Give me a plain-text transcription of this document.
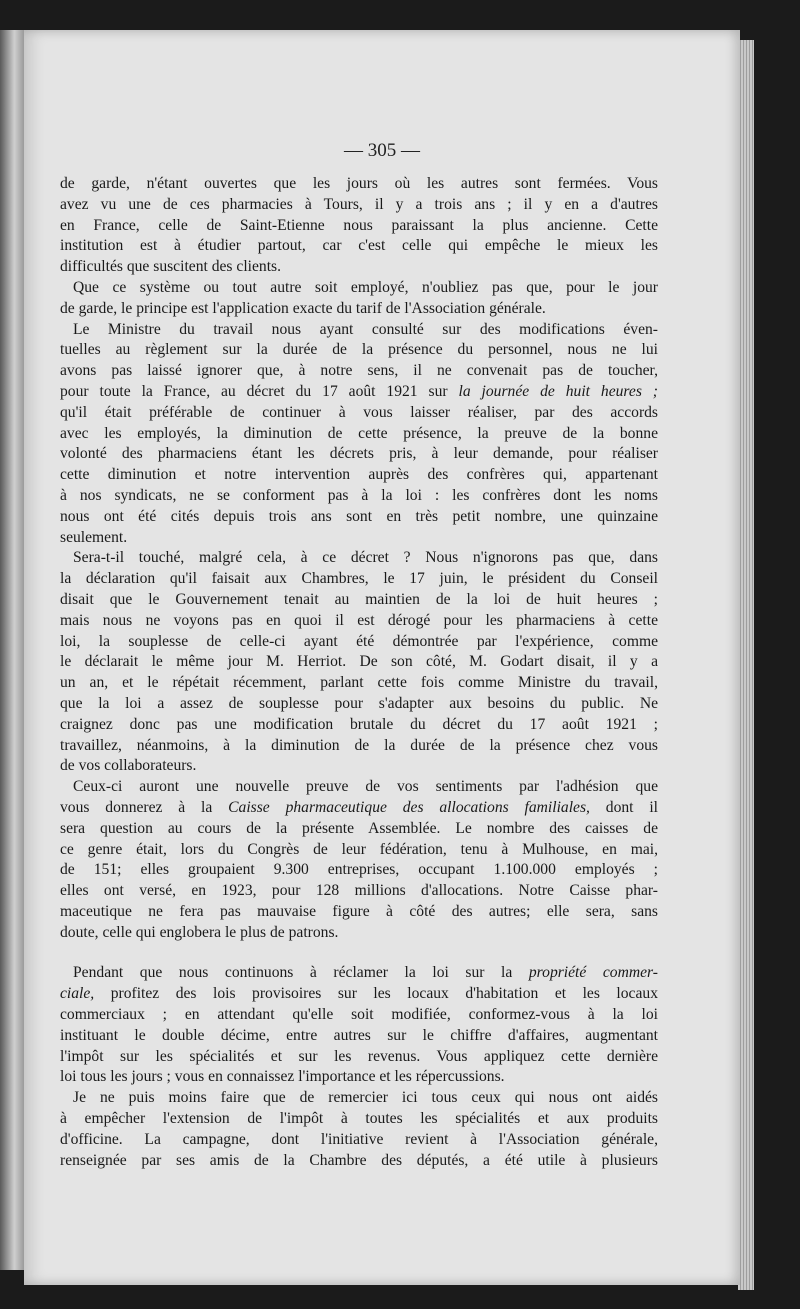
— 305 —
de garde, n'étant ouvertes que les jours où les autres sont fermées. Vous
avez vu une de ces pharmacies à Tours, il y a trois ans ; il y en a d'autres
en France, celle de Saint-Etienne nous paraissant la plus ancienne. Cette
institution est à étudier partout, car c'est celle qui empêche le mieux les
difficultés que suscitent des clients.
Que ce système ou tout autre soit employé, n'oubliez pas que, pour le jour
de garde, le principe est l'application exacte du tarif de l'Association générale.
Le Ministre du travail nous ayant consulté sur des modifications éven-
tuelles au règlement sur la durée de la présence du personnel, nous ne lui
avons pas laissé ignorer que, à notre sens, il ne convenait pas de toucher,
pour toute la France, au décret du 17 août 1921 sur la journée de huit heures ;
qu'il était préférable de continuer à vous laisser réaliser, par des accords
avec les employés, la diminution de cette présence, la preuve de la bonne
volonté des pharmaciens étant les décrets pris, à leur demande, pour réaliser
cette diminution et notre intervention auprès des confrères qui, appartenant
à nos syndicats, ne se conforment pas à la loi : les confrères dont les noms
nous ont été cités depuis trois ans sont en très petit nombre, une quinzaine
seulement.
Sera-t-il touché, malgré cela, à ce décret ? Nous n'ignorons pas que, dans
la déclaration qu'il faisait aux Chambres, le 17 juin, le président du Conseil
disait que le Gouvernement tenait au maintien de la loi de huit heures ;
mais nous ne voyons pas en quoi il est dérogé pour les pharmaciens à cette
loi, la souplesse de celle-ci ayant été démontrée par l'expérience, comme
le déclarait le même jour M. Herriot. De son côté, M. Godart disait, il y a
un an, et le répétait récemment, parlant cette fois comme Ministre du travail,
que la loi a assez de souplesse pour s'adapter aux besoins du public. Ne
craignez donc pas une modification brutale du décret du 17 août 1921 ;
travaillez, néanmoins, à la diminution de la durée de la présence chez vous
de vos collaborateurs.
Ceux-ci auront une nouvelle preuve de vos sentiments par l'adhésion que
vous donnerez à la Caisse pharmaceutique des allocations familiales, dont il
sera question au cours de la présente Assemblée. Le nombre des caisses de
ce genre était, lors du Congrès de leur fédération, tenu à Mulhouse, en mai,
de 151; elles groupaient 9.300 entreprises, occupant 1.100.000 employés ;
elles ont versé, en 1923, pour 128 millions d'allocations. Notre Caisse phar-
maceutique ne fera pas mauvaise figure à côté des autres; elle sera, sans
doute, celle qui englobera le plus de patrons.
Pendant que nous continuons à réclamer la loi sur la propriété commer-
ciale, profitez des lois provisoires sur les locaux d'habitation et les locaux
commerciaux ; en attendant qu'elle soit modifiée, conformez-vous à la loi
instituant le double décime, entre autres sur le chiffre d'affaires, augmentant
l'impôt sur les spécialités et sur les revenus. Vous appliquez cette dernière
loi tous les jours ; vous en connaissez l'importance et les répercussions.
Je ne puis moins faire que de remercier ici tous ceux qui nous ont aidés
à empêcher l'extension de l'impôt à toutes les spécialités et aux produits
d'officine. La campagne, dont l'initiative revient à l'Association générale,
renseignée par ses amis de la Chambre des députés, a été utile à plusieurs
